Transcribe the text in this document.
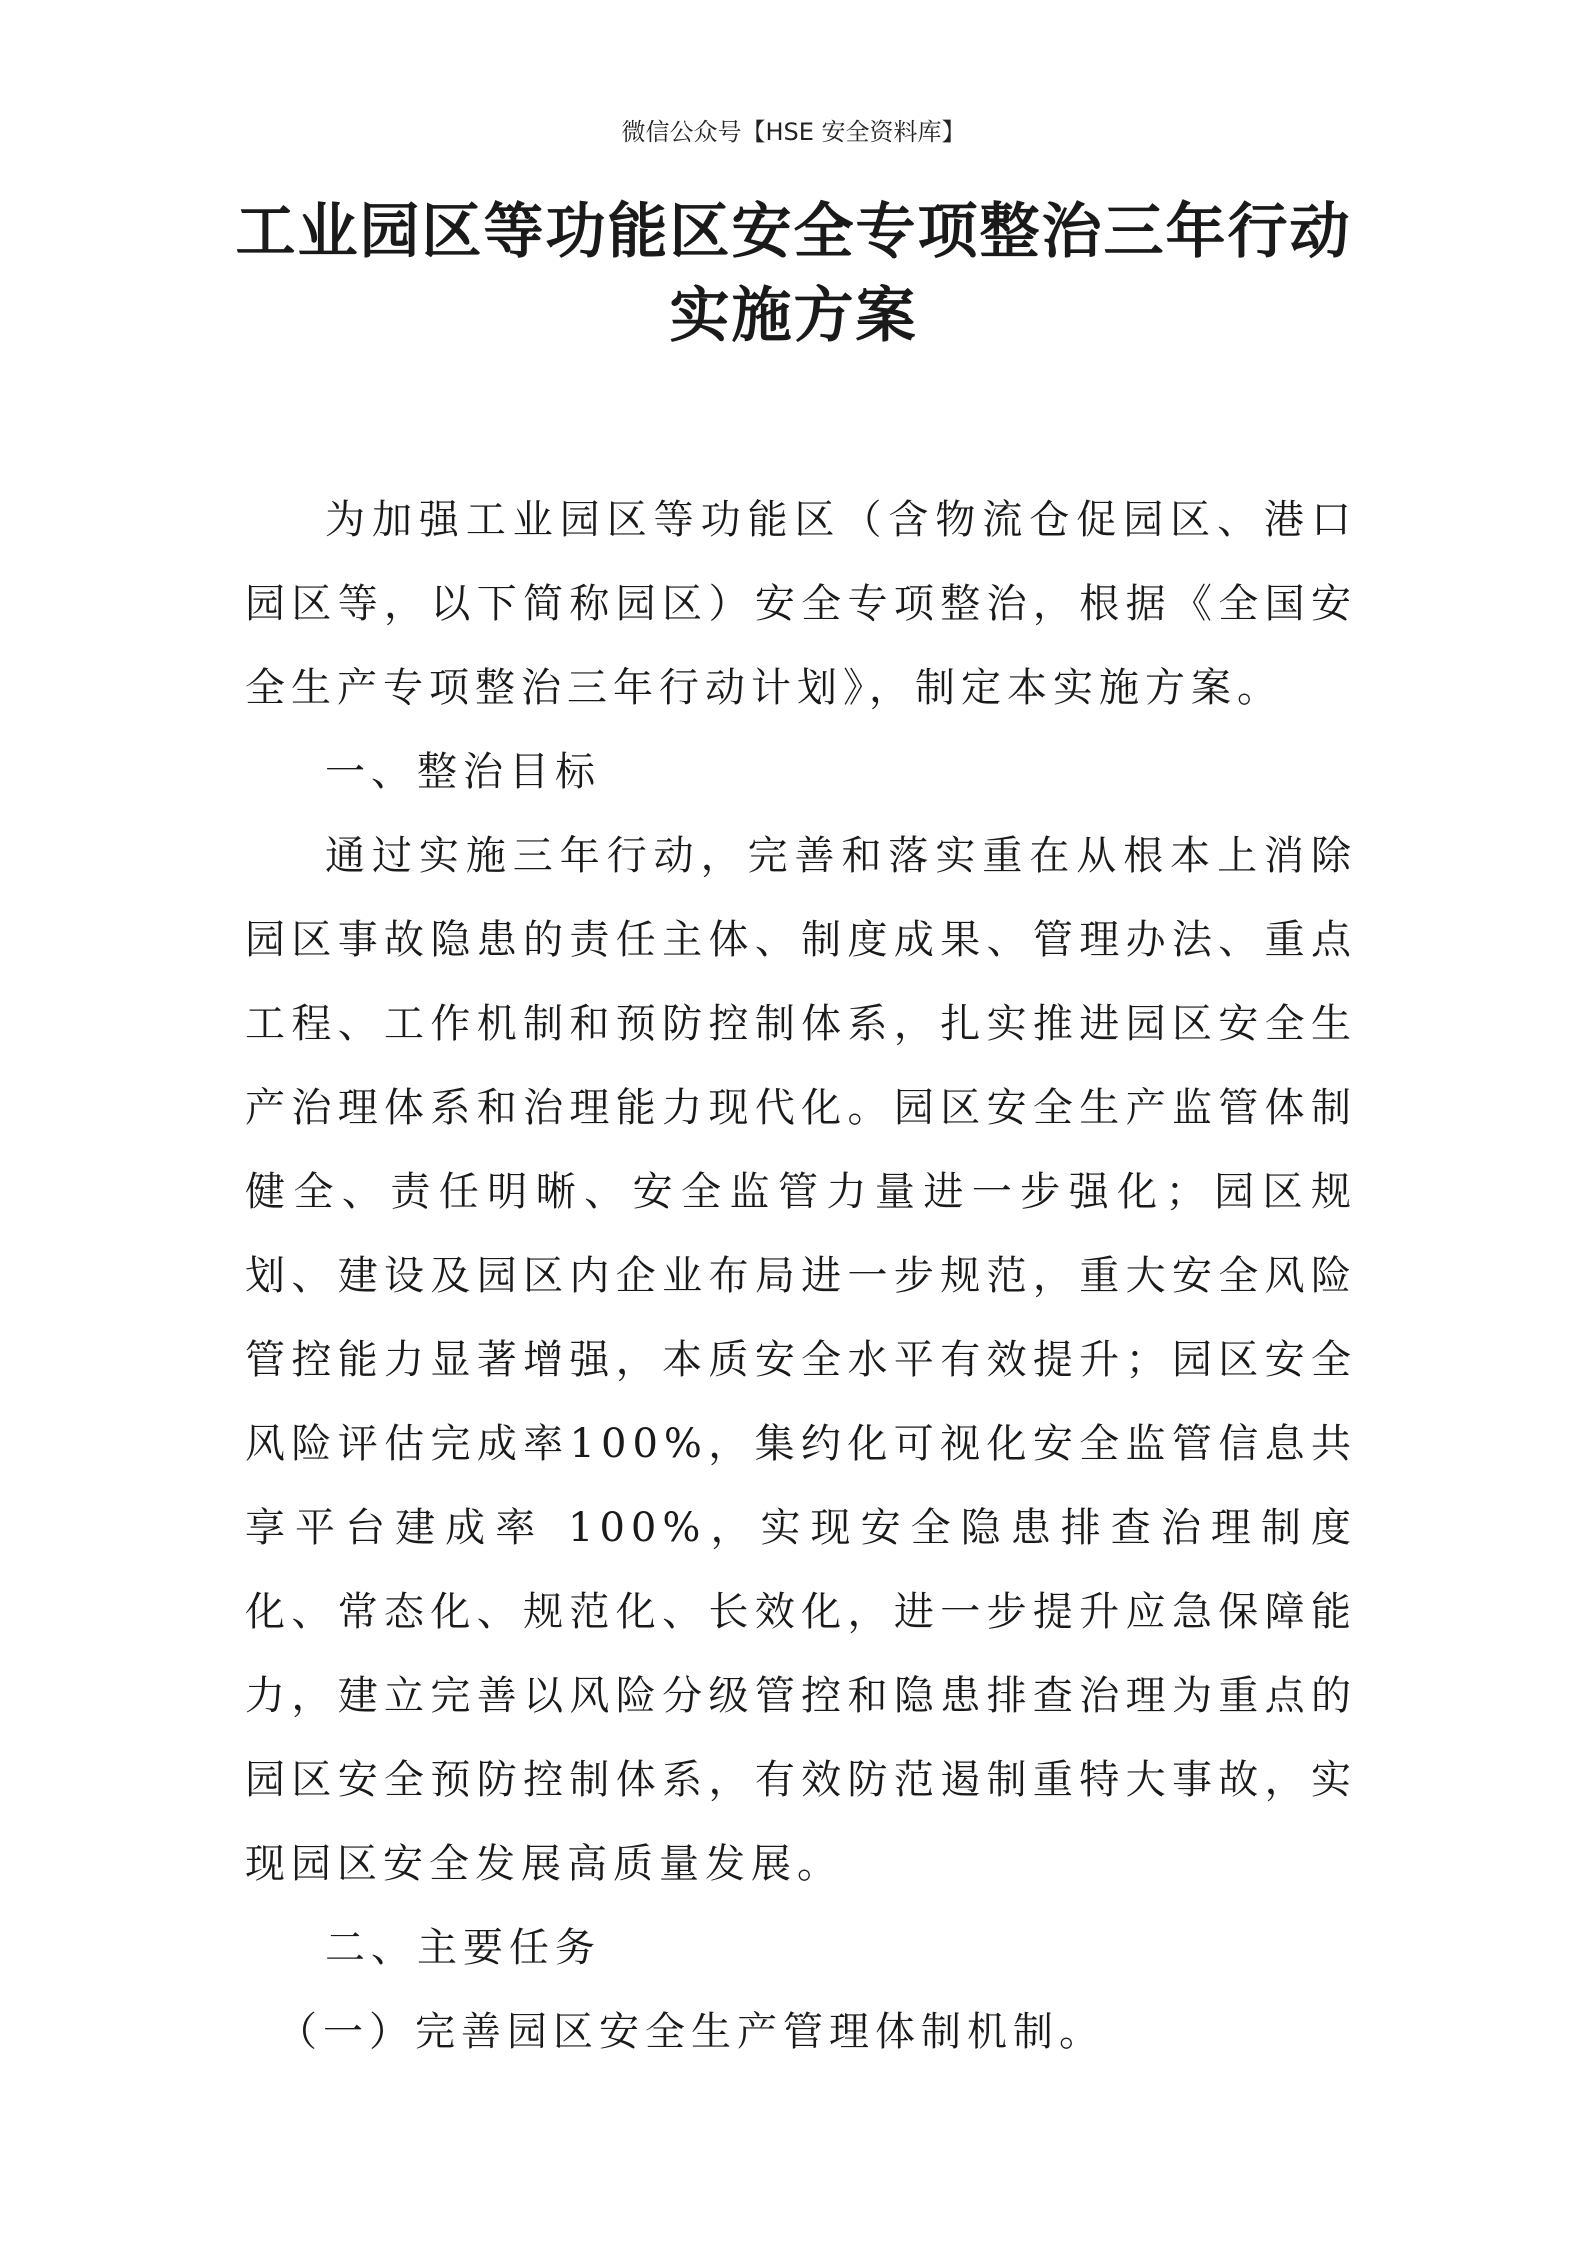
微信公众号【HSE 安全资料库】
工业园区等功能区安全专项整治三年行动
实施方案

为加强工业园区等功能区（含物流仓促园区、港口园区等，以下简称园区）安全专项整治，根据《全国安全生产专项整治三年行动计划》，制定本实施方案。

一、整治目标

通过实施三年行动，完善和落实重在从根本上消除园区事故隐患的责任主体、制度成果、管理办法、重点工程、工作机制和预防控制体系，扎实推进园区安全生产治理体系和治理能力现代化。园区安全生产监管体制健全、责任明晰、安全监管力量进一步强化；园区规划、建设及园区内企业布局进一步规范，重大安全风险管控能力显著增强，本质安全水平有效提升；园区安全风险评估完成率100%，集约化可视化安全监管信息共享平台建成率 100%，实现安全隐患排查治理制度化、常态化、规范化、长效化，进一步提升应急保障能力，建立完善以风险分级管控和隐患排查治理为重点的园区安全预防控制体系，有效防范遏制重特大事故，实现园区安全发展高质量发展。

二、主要任务

（一）完善园区安全生产管理体制机制。
